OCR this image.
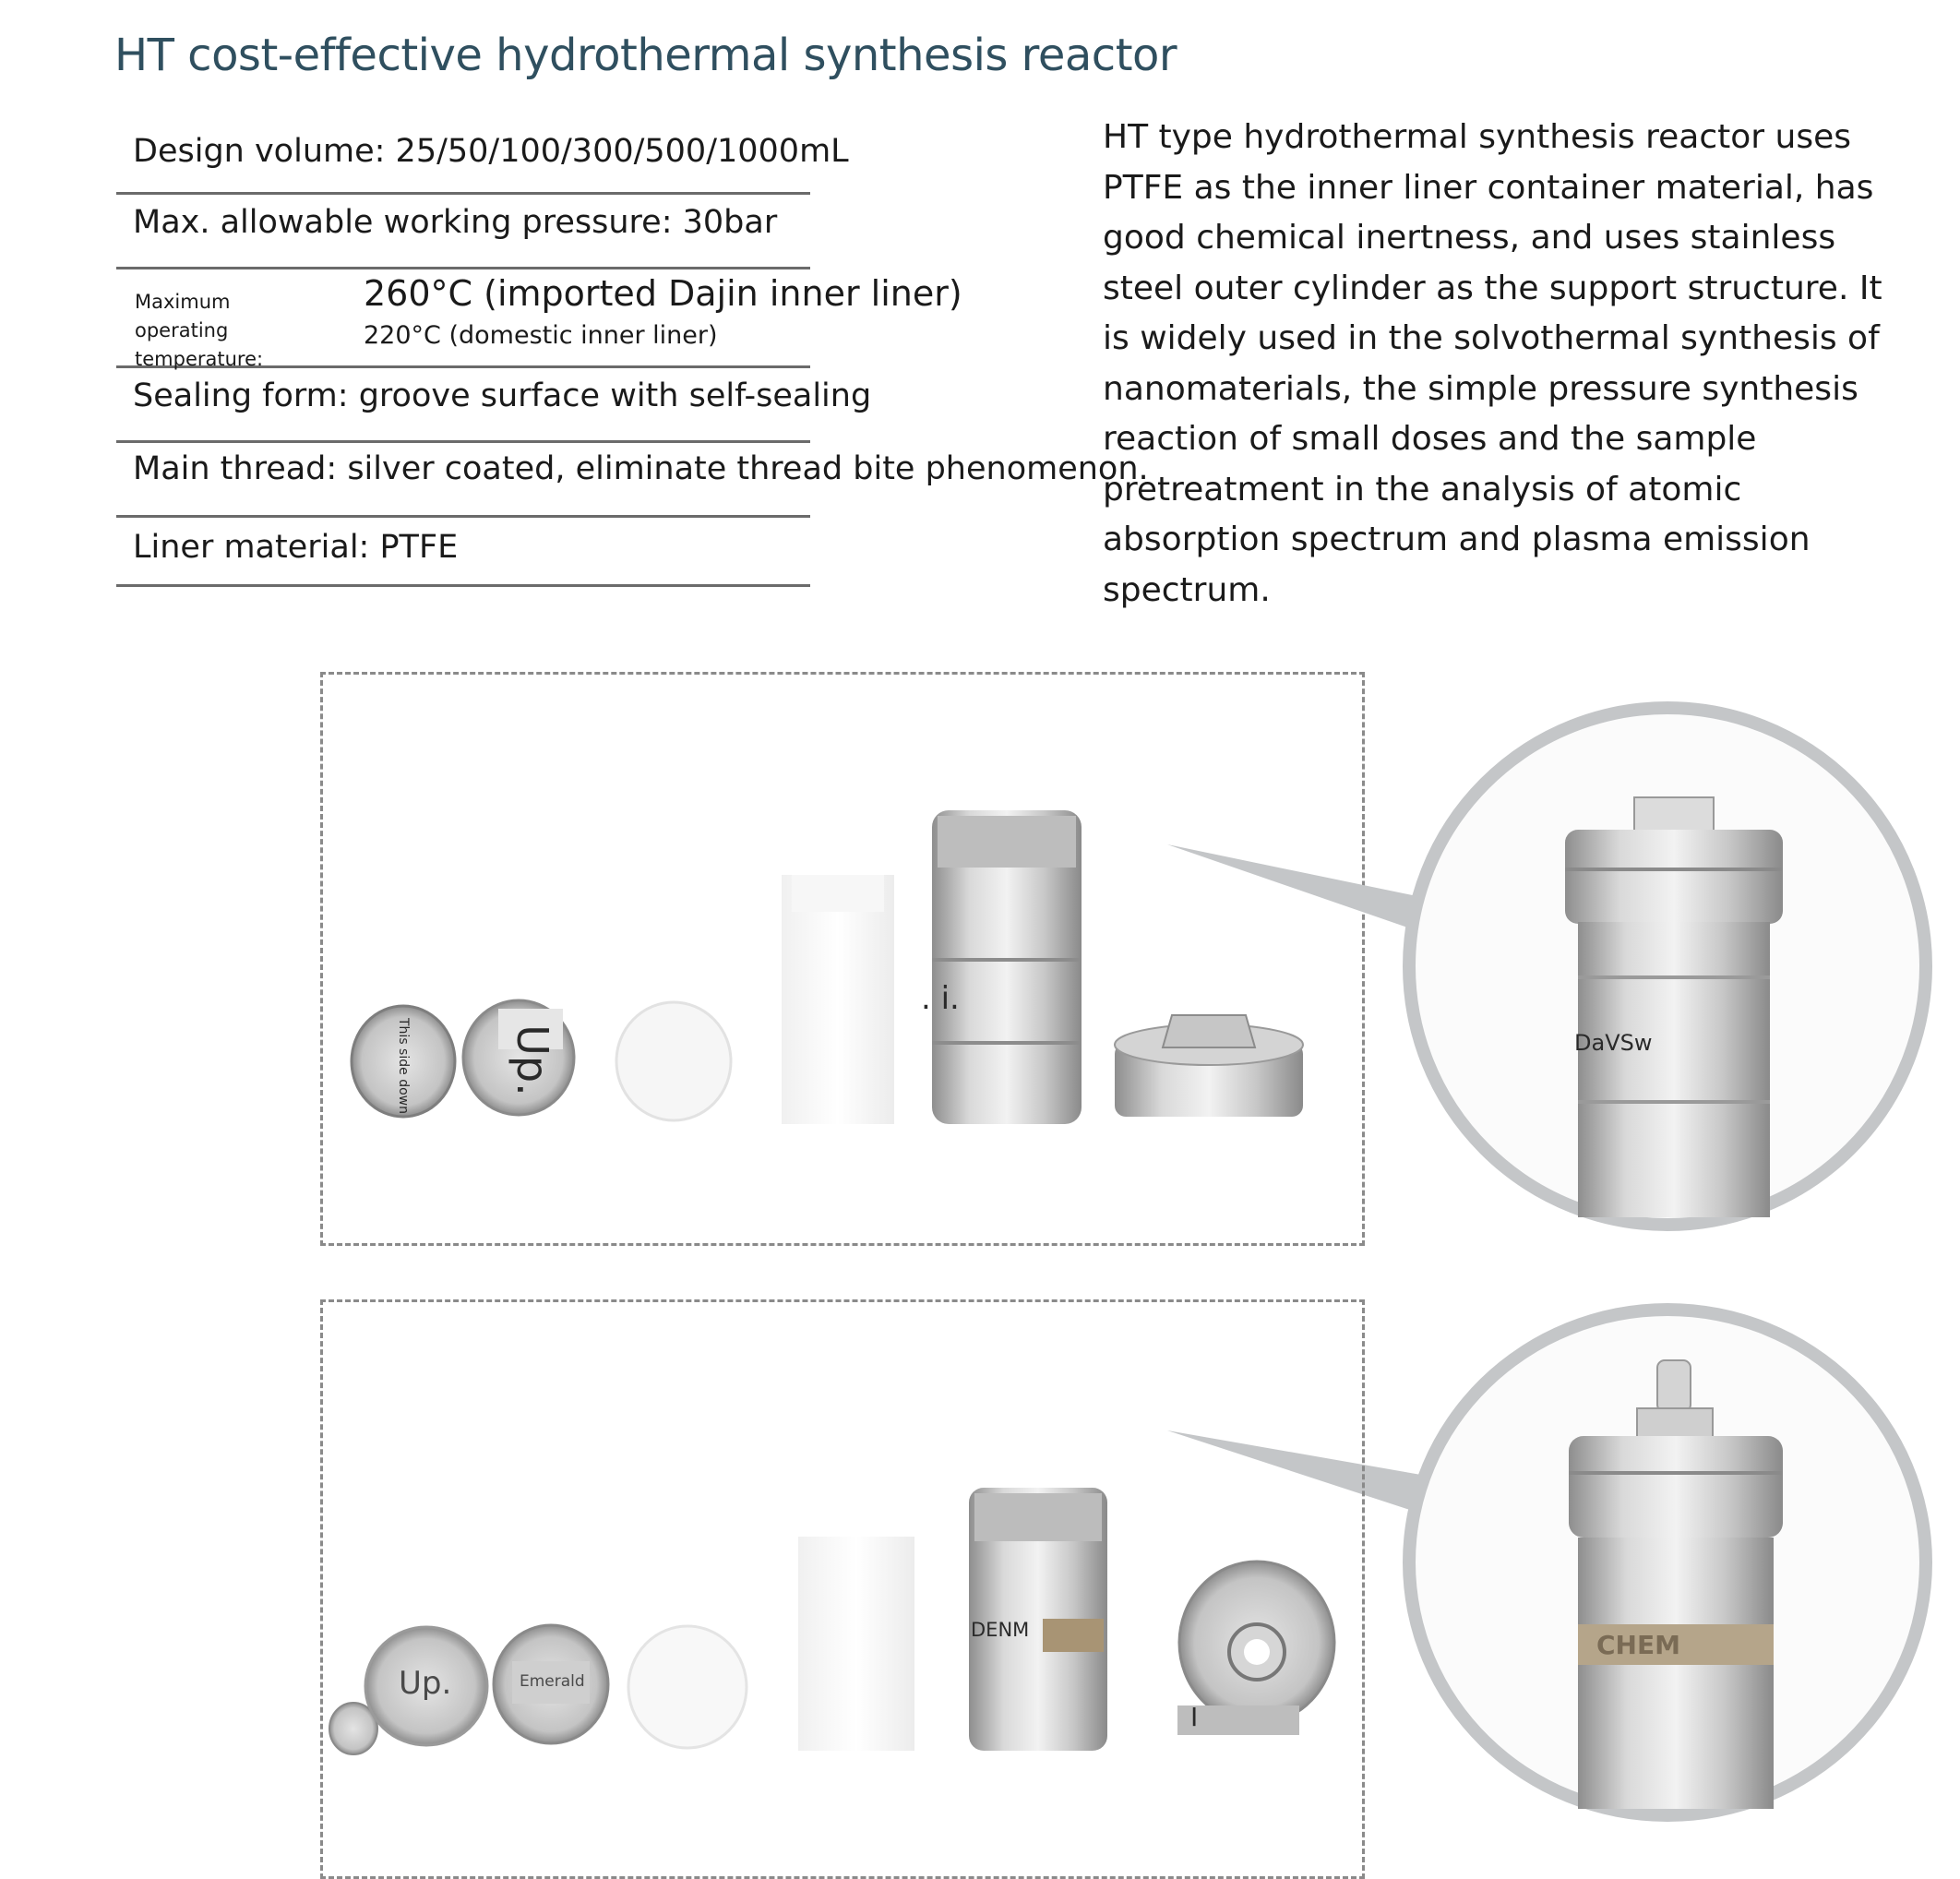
HT cost-effective hydrothermal synthesis reactor
Design volume: 25/50/100/300/500/1000mL
Max. allowable working pressure: 30bar
Maximum operating temperature:
260°C (imported Dajin inner liner)
220°C (domestic inner liner)
Sealing form: groove surface with self-sealing
Main thread: silver coated, eliminate thread bite phenomenon.
Liner material: PTFE
HT type hydrothermal synthesis reactor uses PTFE as the inner liner container material, has good chemical inertness, and uses stainless steel outer cylinder as the support structure. It is widely used in the solvothermal synthesis of nanomaterials, the simple pressure synthesis reaction of small doses and the sample pretreatment in the analysis of atomic absorption spectrum and plasma emission spectrum.
This side down Up.
. i.
Up.	Emerald
DENM
I
DaVSw
CHEM
